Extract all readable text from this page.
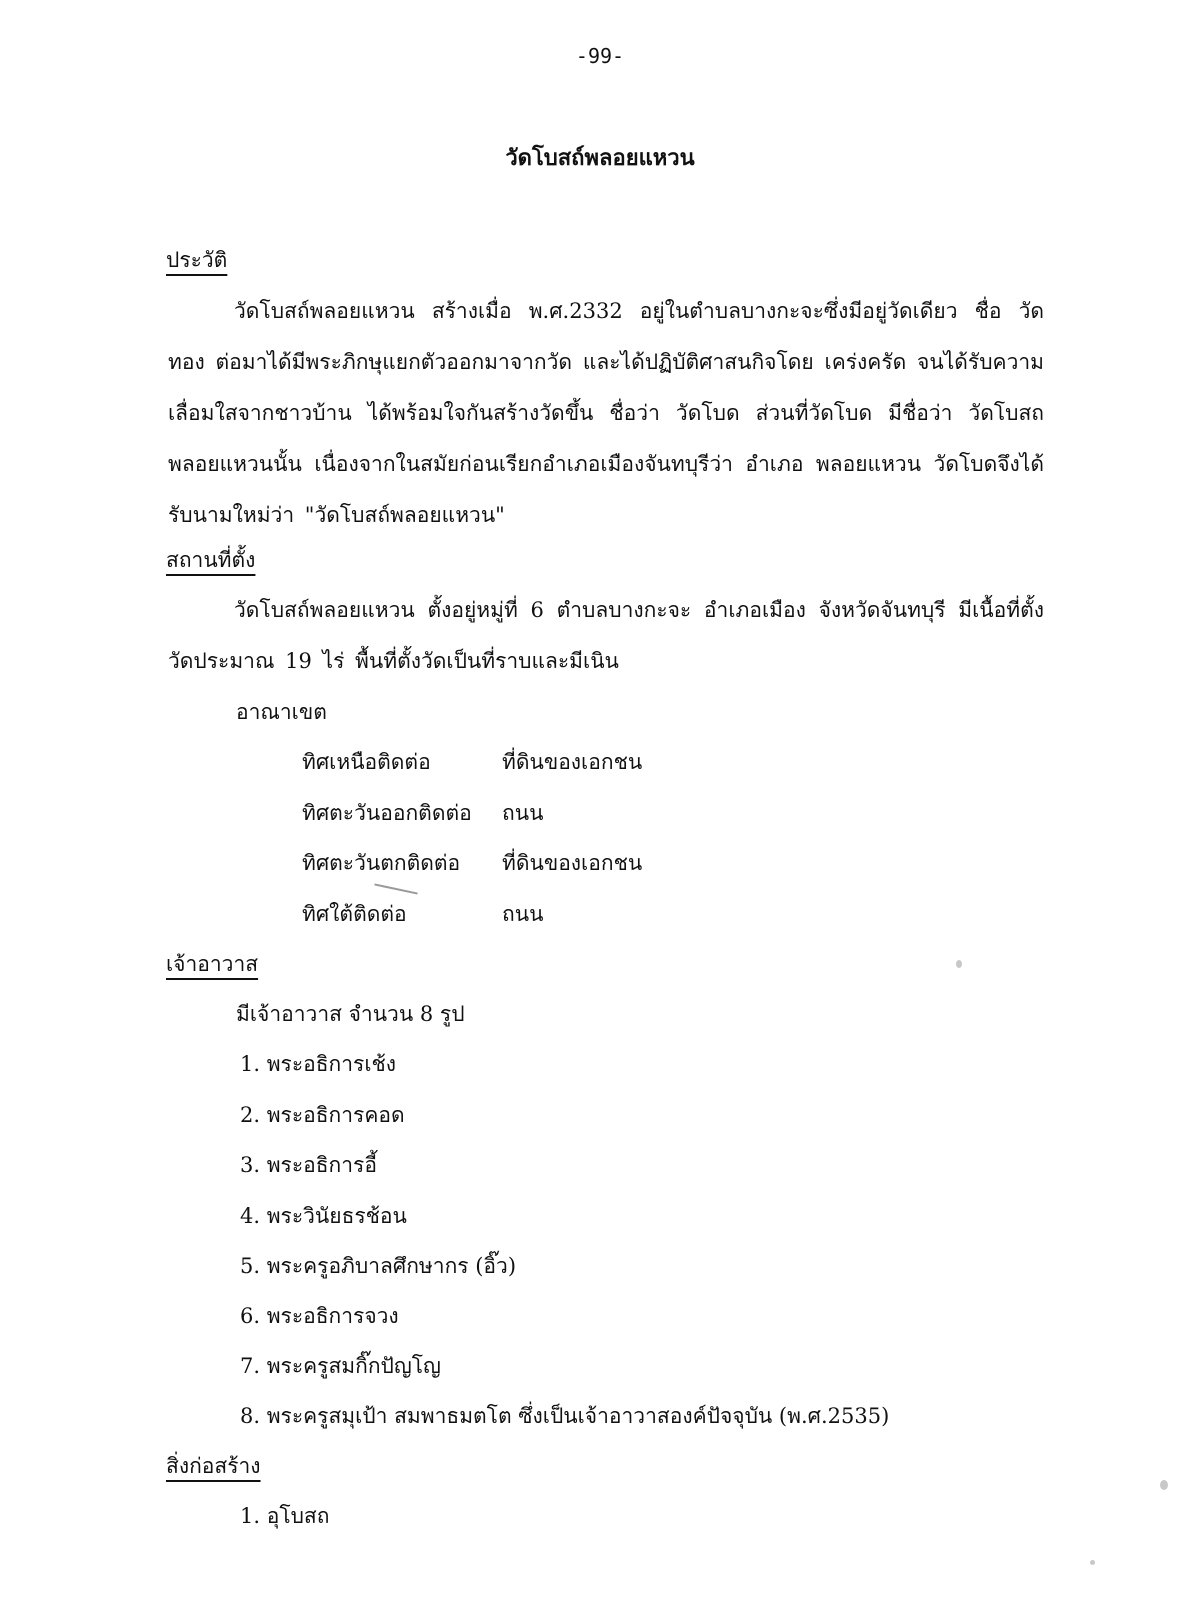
-99-
วัดโบสถ์พลอยแหวน
ประวัติ
วัดโบสถ์พลอยแหวน สร้างเมื่อ พ.ศ.2332 อยู่ในตำบลบางกะจะซึ่งมีอยู่วัดเดียว ชื่อ วัดทอง ต่อมาได้มีพระภิกษุแยกตัวออกมาจากวัด และได้ปฏิบัติศาสนกิจโดย เคร่งครัด จนได้รับความเลื่อมใสจากชาวบ้าน ได้พร้อมใจกันสร้างวัดขึ้น ชื่อว่า วัดโบด ส่วนที่วัดโบด มีชื่อว่า วัดโบสถพลอยแหวนนั้น เนื่องจากในสมัยก่อนเรียกอำเภอเมืองจันทบุรีว่า อำเภอ พลอยแหวน วัดโบดจึงได้รับนามใหม่ว่า "วัดโบสถ์พลอยแหวน"
สถานที่ตั้ง
วัดโบสถ์พลอยแหวน ตั้งอยู่หมู่ที่ 6 ตำบลบางกะจะ อำเภอเมือง จังหวัดจันทบุรี มีเนื้อที่ตั้งวัดประมาณ 19 ไร่ พื้นที่ตั้งวัดเป็นที่ราบและมีเนิน
อาณาเขต
ทิศเหนือติดต่อ	ที่ดินของเอกชน
ทิศตะวันออกติดต่อ ถนน
ทิศตะวันตกติดต่อ ที่ดินของเอกชน
ทิศใต้ติดต่อ	ถนน
เจ้าอาวาส
มีเจ้าอาวาส จำนวน 8 รูป
1. พระอธิการเช้ง
2. พระอธิการคอด
3. พระอธิการอี้
4. พระวินัยธรช้อน
5. พระครูอภิบาลศึกษากร (อิ๊ว)
6. พระอธิการจวง
7. พระครูสมกิ๊กปัญโญ
8. พระครูสมุเป้า สมพาธมตโต ซึ่งเป็นเจ้าอาวาสองค์ปัจจุบัน (พ.ศ.2535)
สิ่งก่อสร้าง
1. อุโบสถ
